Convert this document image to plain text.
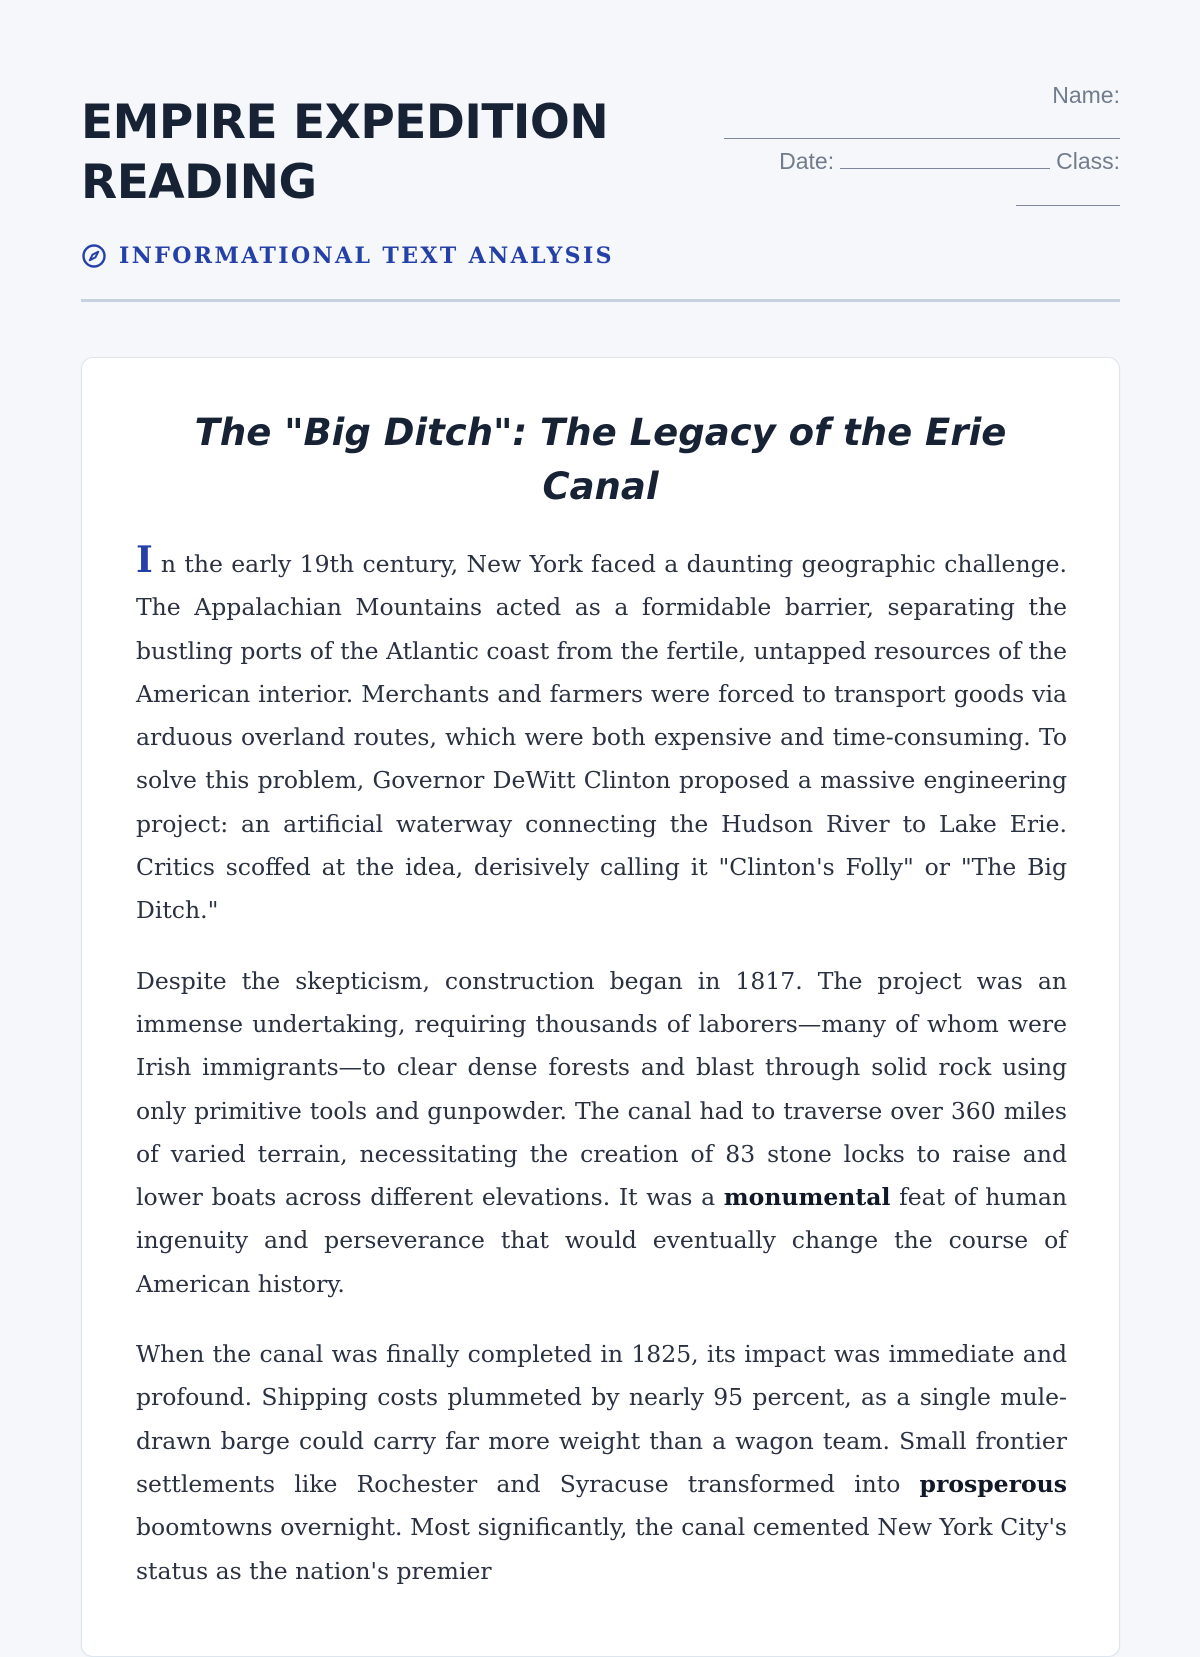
EMPIRE EXPEDITION READING
INFORMATIONAL TEXT ANALYSIS
Name:
Date:	Class:
The "Big Ditch": The Legacy of the Erie Canal

In the early 19th century, New York faced a daunting geographic challenge. The Appalachian Mountains acted as a formidable barrier, separating the bustling ports of the Atlantic coast from the fertile, untapped resources of the American interior. Merchants and farmers were forced to transport goods via arduous overland routes, which were both expensive and time-consuming. To solve this problem, Governor DeWitt Clinton proposed a massive engineering project: an artificial waterway connecting the Hudson River to Lake Erie. Critics scoffed at the idea, derisively calling it "Clinton's Folly" or "The Big Ditch."

Despite the skepticism, construction began in 1817. The project was an immense undertaking, requiring thousands of laborers—many of whom were Irish immigrants—to clear dense forests and blast through solid rock using only primitive tools and gunpowder. The canal had to traverse over 360 miles of varied terrain, necessitating the creation of 83 stone locks to raise and lower boats across different elevations. It was a monumental feat of human ingenuity and perseverance that would eventually change the course of American history.

When the canal was finally completed in 1825, its impact was immediate and profound. Shipping costs plummeted by nearly 95 percent, as a single mule-drawn barge could carry far more weight than a wagon team. Small frontier settlements like Rochester and Syracuse transformed into prosperous boomtowns overnight. Most significantly, the canal cemented New York City's status as the nation's premier
